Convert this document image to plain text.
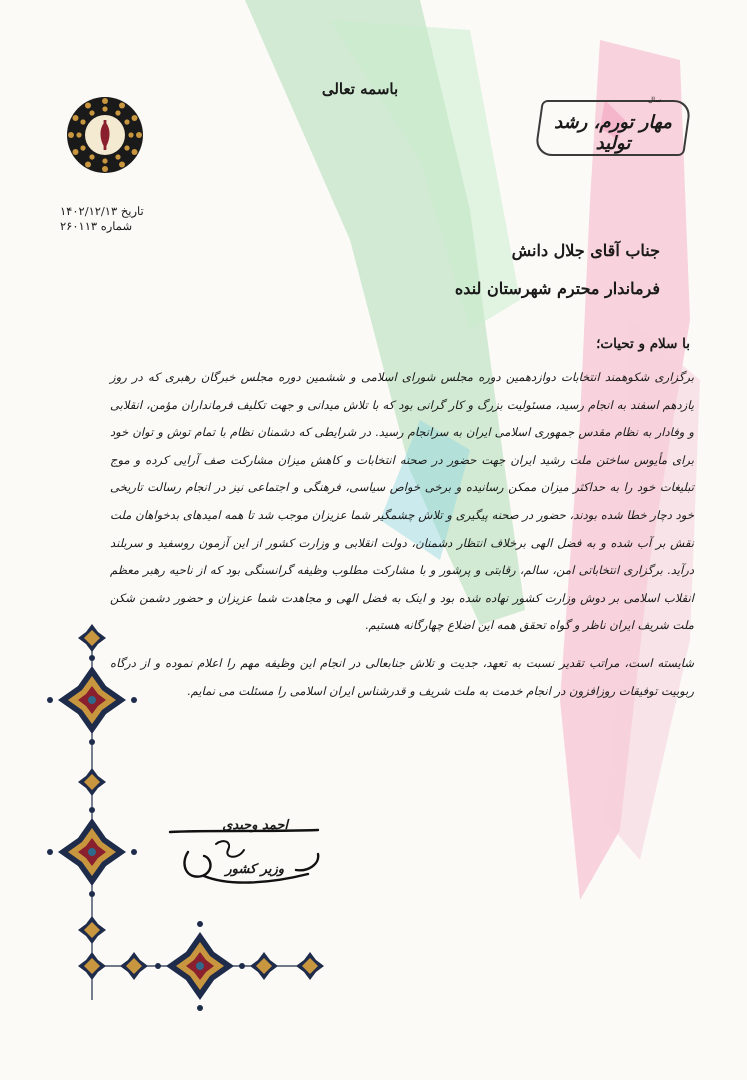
باسمه تعالی
تاریخ ۱۴۰۲/۱۲/۱۳
شماره ۲۶۰۱۱۳
سال
مهار تورم، رشد تولید
جناب آقای جلال دانش
فرماندار محترم شهرستان لنده
با سلام و تحیات؛

برگزاری شکوهمند انتخابات دوازدهمین دوره مجلس شورای اسلامی و ششمین دوره مجلس خبرگان رهبری که در روز یازدهم اسفند به انجام رسید، مسئولیت بزرگ و کار گرانی بود که با تلاش میدانی و جهت تکلیف فرمانداران مؤمن، انقلابی و وفادار به نظام مقدس جمهوری اسلامی ایران به سرانجام رسید. در شرایطی که دشمنان نظام با تمام توش و توان خود برای مأیوس ساختن ملت رشید ایران جهت حضور در صحنه انتخابات و کاهش میزان مشارکت صف آرایی کرده و موج تبلیغات خود را به حداکثر میزان ممکن رسانیده و برخی خواص سیاسی، فرهنگی و اجتماعی نیز در انجام رسالت تاریخی خود دچار خطا شده بودند، حضور در صحنه پیگیری و تلاش چشمگیر شما عزیزان موجب شد تا همه امیدهای بدخواهان ملت نقش بر آب شده و به فضل الهی برخلاف انتظار دشمنان، دولت انقلابی و وزارت کشور از این آزمون روسفید و سربلند درآید. برگزاری انتخاباتی امن، سالم، رقابتی و پرشور و با مشارکت مطلوب وظیفه گرانسنگی بود که از ناحیه رهبر معظم انقلاب اسلامی بر دوش وزارت کشور نهاده شده بود و اینک به فضل الهی و مجاهدت شما عزیزان و حضور دشمن شکن ملت شریف ایران ناظر و گواه تحقق همه این اضلاع چهارگانه هستیم.

شایسته است، مراتب تقدیر نسبت به تعهد، جدیت و تلاش جنابعالی در انجام این وظیفه مهم را اعلام نموده و از درگاه ربوبیت توفیقات روزافزون در انجام خدمت به ملت شریف و قدرشناس ایران اسلامی را مسئلت می نمایم.

احمد وحیدی
وزیر کشور
